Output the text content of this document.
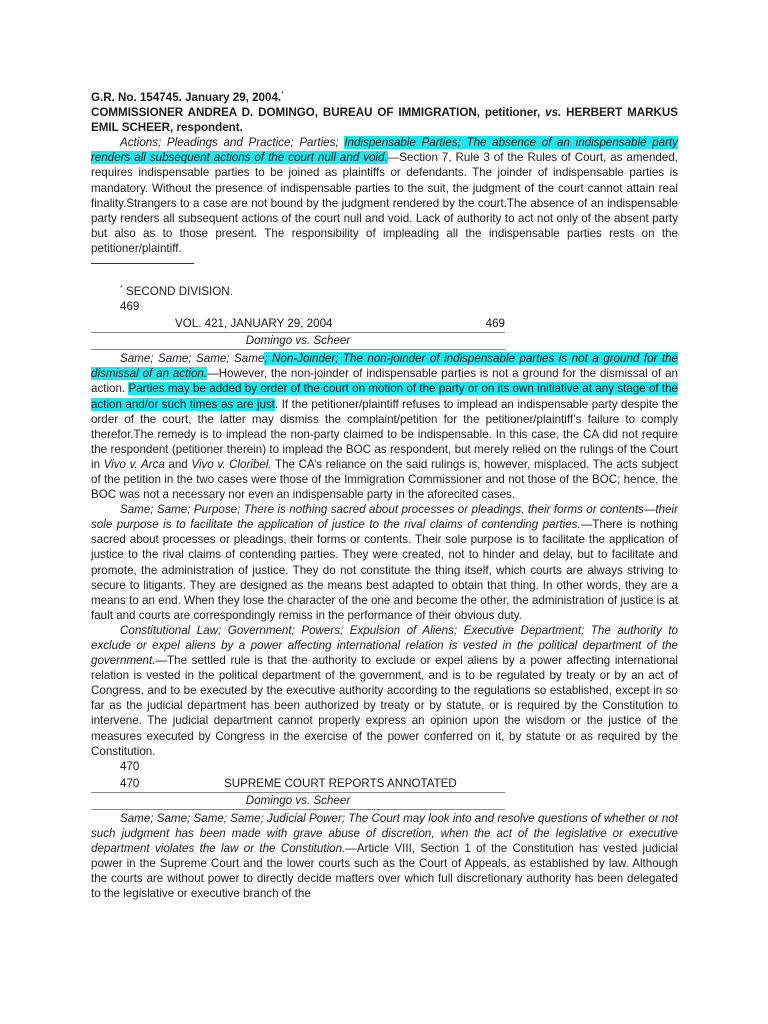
G.R. No. 154745. January 29, 2004.*
COMMISSIONER ANDREA D. DOMINGO, BUREAU OF IMMIGRATION, petitioner, vs. HERBERT MARKUS EMIL SCHEER, respondent.

Actions; Pleadings and Practice; Parties; Indispensable Parties; The absence of an indispensable party renders all subsequent actions of the court null and void.—Section 7, Rule 3 of the Rules of Court, as amended, requires indispensable parties to be joined as plaintiffs or defendants. The joinder of indispensable parties is mandatory. Without the presence of indispensable parties to the suit, the judgment of the court cannot attain real finality.Strangers to a case are not bound by the judgment rendered by the court.The absence of an indispensable party renders all subsequent actions of the court null and void. Lack of authority to act not only of the absent party but also as to those present. The responsibility of impleading all the indispensable parties rests on the petitioner/plaintiff.

* SECOND DIVISION.
469
VOL. 421, JANUARY 29, 2004	469
Domingo vs. Scheer

Same; Same; Same; Same; Non-Joinder; The non-joinder of indispensable parties is not a ground for the dismissal of an action.—However, the non-joinder of indispensable parties is not a ground for the dismissal of an action. Parties may be added by order of the court on motion of the party or on its own initiative at any stage of the action and/or such times as are just. If the petitioner/plaintiff refuses to implead an indispensable party despite the order of the court, the latter may dismiss the complaint/petition for the petitioner/plaintiff’s failure to comply therefor.The remedy is to implead the non-party claimed to be indispensable. In this case, the CA did not require the respondent (petitioner therein) to implead the BOC as respondent, but merely relied on the rulings of the Court in Vivo v. Arca and Vivo v. Cloribel. The CA’s reliance on the said rulings is, however, misplaced. The acts subject of the petition in the two cases were those of the Immigration Commissioner and not those of the BOC; hence, the BOC was not a necessary nor even an indispensable party in the aforecited cases.

Same; Same; Purpose; There is nothing sacred about processes or pleadings, their forms or contents—their sole purpose is to facilitate the application of justice to the rival claims of contending parties.—There is nothing sacred about processes or pleadings, their forms or contents. Their sole purpose is to facilitate the application of justice to the rival claims of contending parties. They were created, not to hinder and delay, but to facilitate and promote, the administration of justice. They do not constitute the thing itself, which courts are always striving to secure to litigants. They are designed as the means best adapted to obtain that thing. In other words, they are a means to an end. When they lose the character of the one and become the other, the administration of justice is at fault and courts are correspondingly remiss in the performance of their obvious duty.

Constitutional Law; Government; Powers; Expulsion of Aliens; Executive Department; The authority to exclude or expel aliens by a power affecting international relation is vested in the political department of the government.—The settled rule is that the authority to exclude or expel aliens by a power affecting international relation is vested in the political department of the government, and is to be regulated by treaty or by an act of Congress, and to be executed by the executive authority according to the regulations so established, except in so far as the judicial department has been authorized by treaty or by statute, or is required by the Constitution to intervene. The judicial department cannot properly express an opinion upon the wisdom or the justice of the measures executed by Congress in the exercise of the power conferred on it, by statute or as required by the Constitution.

470
470	SUPREME COURT REPORTS ANNOTATED
Domingo vs. Scheer

Same; Same; Same; Same; Judicial Power; The Court may look into and resolve questions of whether or not such judgment has been made with grave abuse of discretion, when the act of the legislative or executive department violates the law or the Constitution.—Article VIII, Section 1 of the Constitution has vested judicial power in the Supreme Court and the lower courts such as the Court of Appeals, as established by law. Although the courts are without power to directly decide matters over which full discretionary authority has been delegated to the legislative or executive branch of the
